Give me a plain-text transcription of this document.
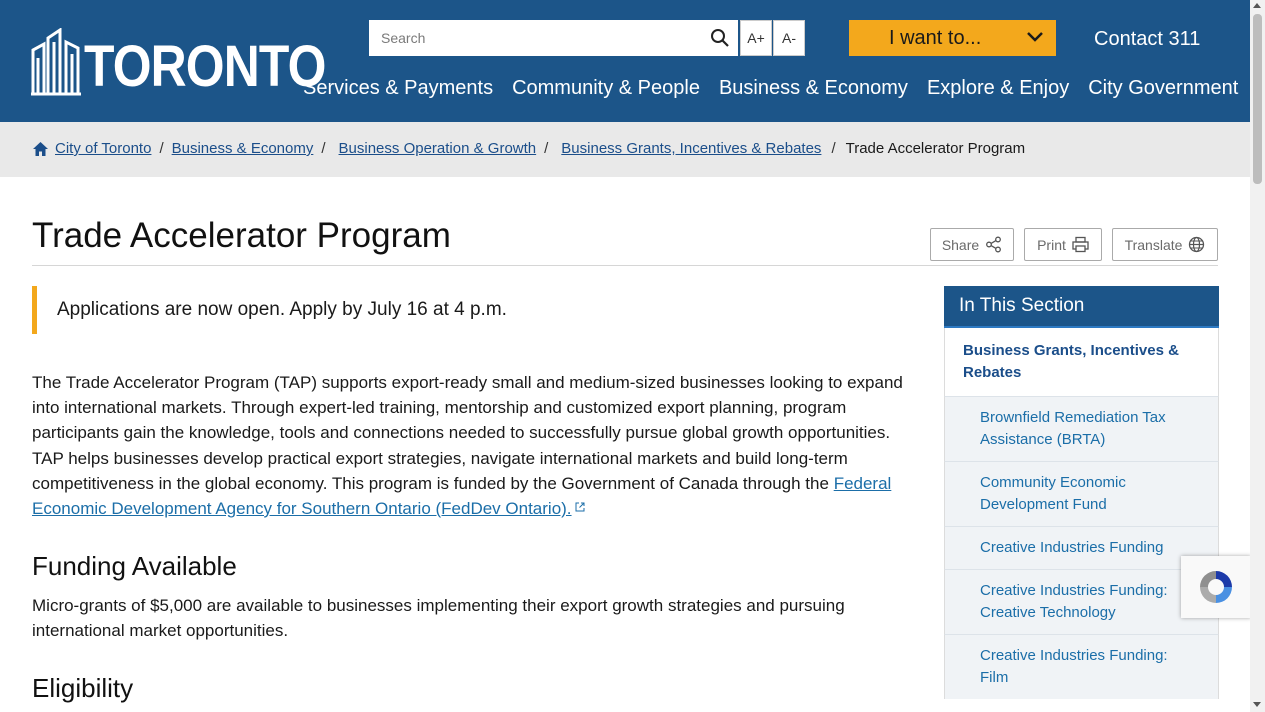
TORONTO
Search	A+	A-	I want to...	Contact 311
Services & Payments Community & People Business & Economy Explore & Enjoy City Government
City of Toronto / Business & Economy / Business Operation & Growth / Business Grants, Incentives & Rebates / Trade Accelerator Program
Trade Accelerator Program	Share	Print	Translate
Applications are now open. Apply by July 16 at 4 p.m.

The Trade Accelerator Program (TAP) supports export-ready small and medium-sized businesses looking to expand into international markets. Through expert-led training, mentorship and customized export planning, program participants gain the knowledge, tools and connections needed to successfully pursue global growth opportunities. TAP helps businesses develop practical export strategies, navigate international markets and build long-term competitiveness in the global economy. This program is funded by the Government of Canada through the Federal Economic Development Agency for Southern Ontario (FedDev Ontario).

Funding Available

Micro-grants of $5,000 are available to businesses implementing their export growth strategies and pursuing international market opportunities.

Eligibility
In This Section
Business Grants, Incentives & Rebates
Brownfield Remediation Tax Assistance (BRTA)
Community Economic Development Fund
Creative Industries Funding
Creative Industries Funding: Creative Technology
Creative Industries Funding: Film
